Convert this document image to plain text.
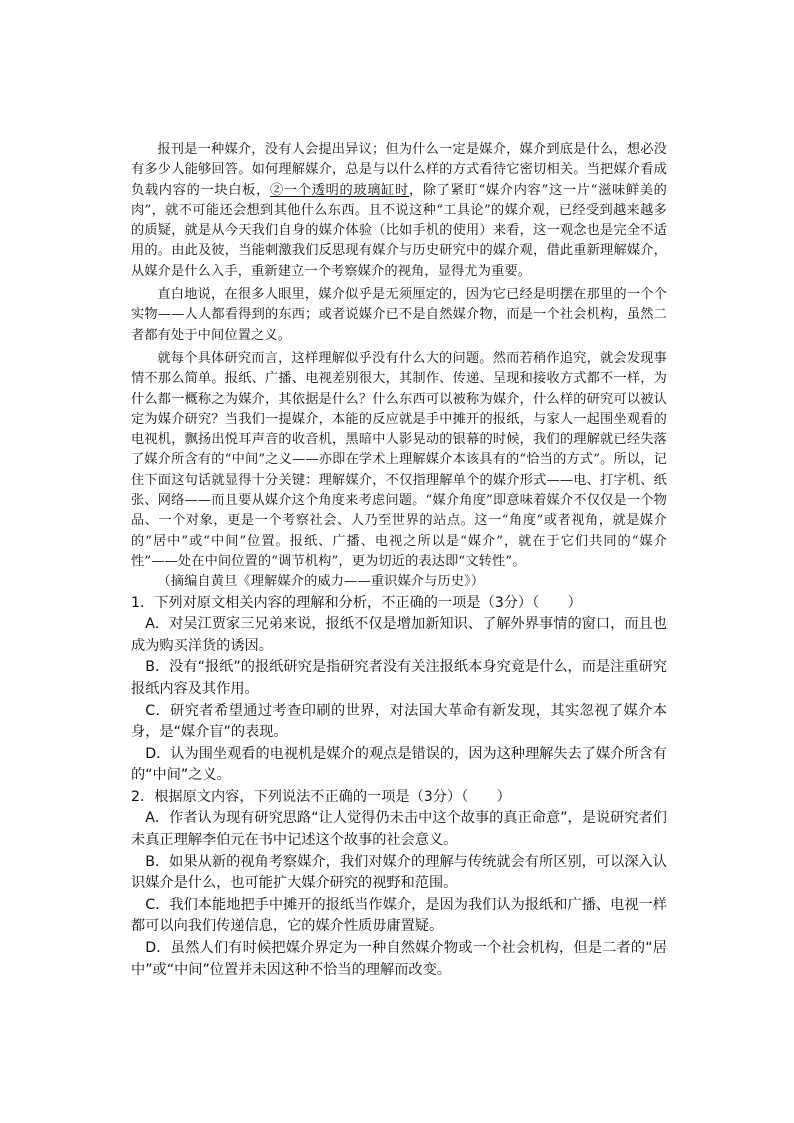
报刊是一种媒介，没有人会提出异议；但为什么一定是媒介，媒介到底是什么，想必没有多少人能够回答。如何理解媒介，总是与以什么样的方式看待它密切相关。当把媒介看成负载内容的一块白板，②一个透明的玻璃缸时，除了紧盯“媒介内容”这一片“滋味鲜美的肉”，就不可能还会想到其他什么东西。且不说这种“工具论”的媒介观，已经受到越来越多的质疑，就是从今天我们自身的媒介体验（比如手机的使用）来看，这一观念也是完全不适用的。由此及彼，当能刺激我们反思现有媒介与历史研究中的媒介观，借此重新理解媒介，从媒介是什么入手，重新建立一个考察媒介的视角，显得尤为重要。

直白地说，在很多人眼里，媒介似乎是无须厘定的，因为它已经是明摆在那里的一个个实物——人人都看得到的东西；或者说媒介已不是自然媒介物，而是一个社会机构，虽然二者都有处于中间位置之义。

就每个具体研究而言，这样理解似乎没有什么大的问题。然而若稍作追究，就会发现事情不那么简单。报纸、广播、电视差别很大，其制作、传递、呈现和接收方式都不一样，为什么都一概称之为媒介，其依据是什么？什么东西可以被称为媒介，什么样的研究可以被认定为媒介研究？当我们一提媒介，本能的反应就是手中摊开的报纸，与家人一起围坐观看的电视机，飘扬出悦耳声音的收音机，黑暗中人影晃动的银幕的时候，我们的理解就已经失落了媒介所含有的“中间”之义——亦即在学术上理解媒介本该具有的“恰当的方式”。所以，记住下面这句话就显得十分关键：理解媒介，不仅指理解单个的媒介形式——电、打字机、纸张、网络——而且要从媒介这个角度来考虑问题。“媒介角度”即意味着媒介不仅仅是一个物品、一个对象，更是一个考察社会、人乃至世界的站点。这一“角度”或者视角，就是媒介的“居中”或“中间”位置。报纸、广播、电视之所以是“媒介”，就在于它们共同的“媒介性”——处在中间位置的“调节机构”，更为切近的表达即“文转性”。

（摘编自黄旦《理解媒介的威力——重识媒介与历史》）

1．下列对原文相关内容的理解和分析，不正确的一项是（3分）（　　）

A．对吴江贾家三兄弟来说，报纸不仅是增加新知识、了解外界事情的窗口，而且也成为购买洋货的诱因。

B．没有“报纸”的报纸研究是指研究者没有关注报纸本身究竟是什么，而是注重研究报纸内容及其作用。

C．研究者希望通过考查印刷的世界，对法国大革命有新发现，其实忽视了媒介本身，是“媒介盲”的表现。

D．认为围坐观看的电视机是媒介的观点是错误的，因为这种理解失去了媒介所含有的“中间”之义。

2．根据原文内容，下列说法不正确的一项是（3分）（　　）

A．作者认为现有研究思路“让人觉得仍未击中这个故事的真正命意”，是说研究者们未真正理解李伯元在书中记述这个故事的社会意义。

B．如果从新的视角考察媒介，我们对媒介的理解与传统就会有所区别，可以深入认识媒介是什么，也可能扩大媒介研究的视野和范围。

C．我们本能地把手中摊开的报纸当作媒介，是因为我们认为报纸和广播、电视一样都可以向我们传递信息，它的媒介性质毋庸置疑。

D．虽然人们有时候把媒介界定为一种自然媒介物或一个社会机构，但是二者的“居中”或“中间”位置并未因这种不恰当的理解而改变。
